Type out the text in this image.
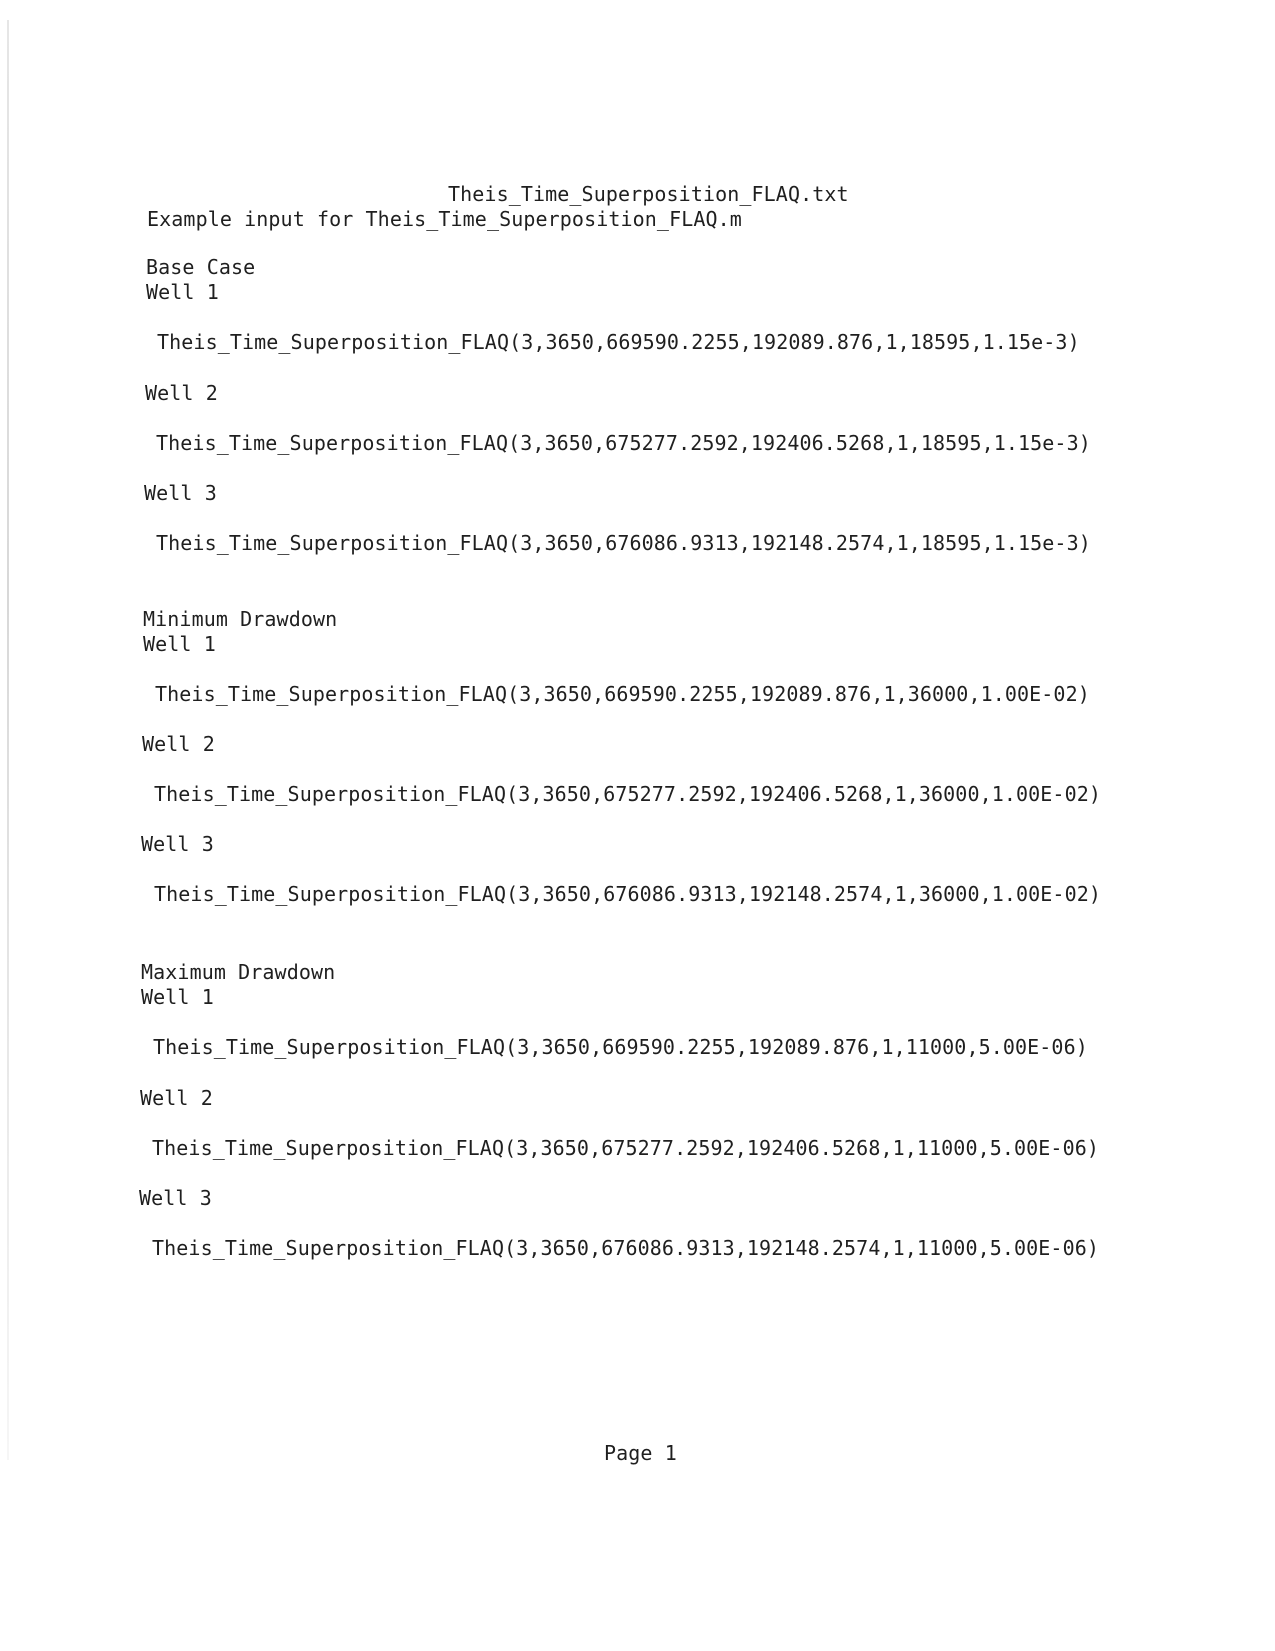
Theis_Time_Superposition_FLAQ.txt
Example input for Theis_Time_Superposition_FLAQ.m
Base Case
Well 1
Theis_Time_Superposition_FLAQ(3,3650,669590.2255,192089.876,1,18595,1.15e-3)
Well 2
Theis_Time_Superposition_FLAQ(3,3650,675277.2592,192406.5268,1,18595,1.15e-3)
Well 3
Theis_Time_Superposition_FLAQ(3,3650,676086.9313,192148.2574,1,18595,1.15e-3)
Minimum Drawdown
Well 1
Theis_Time_Superposition_FLAQ(3,3650,669590.2255,192089.876,1,36000,1.00E-02)
Well 2
Theis_Time_Superposition_FLAQ(3,3650,675277.2592,192406.5268,1,36000,1.00E-02)
Well 3
Theis_Time_Superposition_FLAQ(3,3650,676086.9313,192148.2574,1,36000,1.00E-02)
Maximum Drawdown
Well 1
Theis_Time_Superposition_FLAQ(3,3650,669590.2255,192089.876,1,11000,5.00E-06)
Well 2
Theis_Time_Superposition_FLAQ(3,3650,675277.2592,192406.5268,1,11000,5.00E-06)
Well 3
Theis_Time_Superposition_FLAQ(3,3650,676086.9313,192148.2574,1,11000,5.00E-06)
Page 1
